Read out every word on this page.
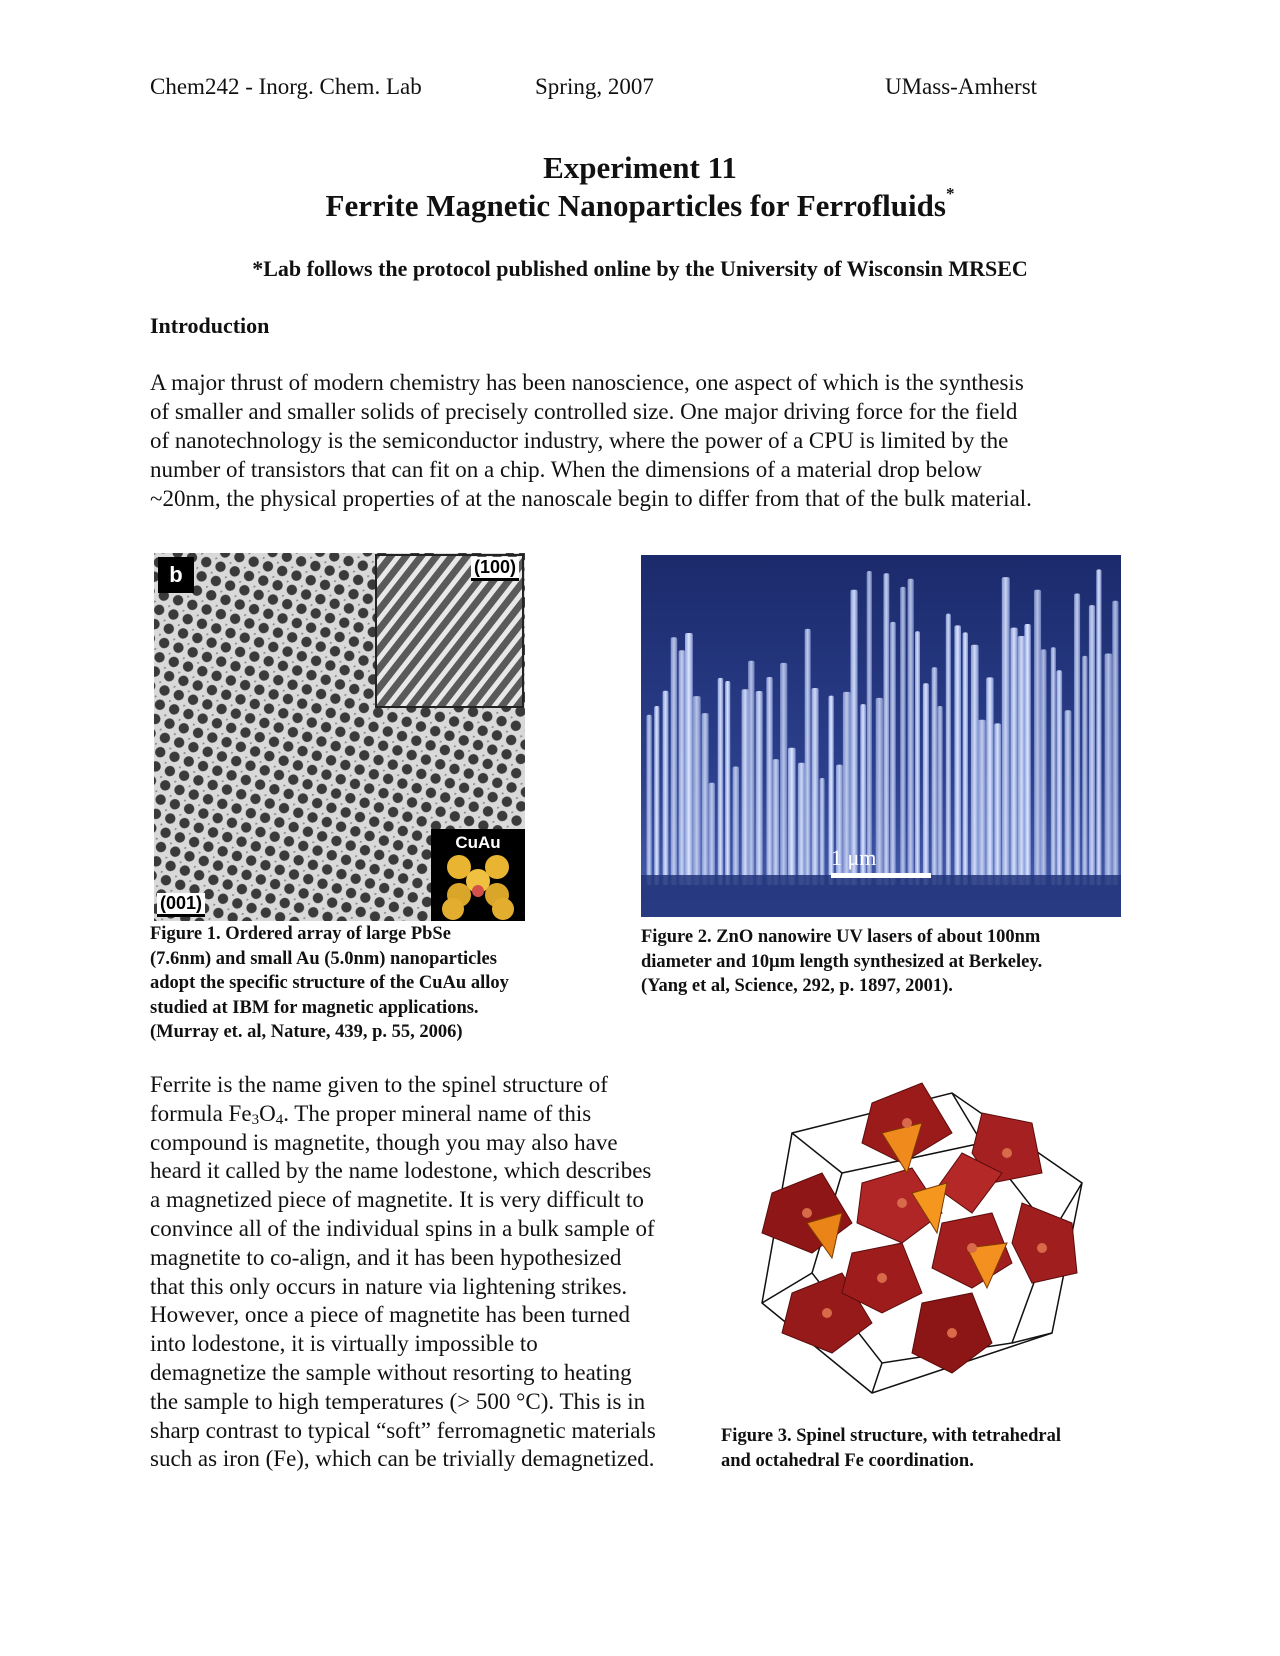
Chem242 - Inorg. Chem. Lab	Spring, 2007	UMass-Amherst
Experiment 11
Ferrite Magnetic Nanoparticles for Ferrofluids*
*Lab follows the protocol published online by the University of Wisconsin MRSEC
Introduction
A major thrust of modern chemistry has been nanoscience, one aspect of which is the synthesis
of smaller and smaller solids of precisely controlled size. One major driving force for the field
of nanotechnology is the semiconductor industry, where the power of a CPU is limited by the
number of transistors that can fit on a chip. When the dimensions of a material drop below
~20nm, the physical properties of at the nanoscale begin to differ from that of the bulk material.
b	(100)
(001)
CuAu
Figure 1. Ordered array of large PbSe
(7.6nm) and small Au (5.0nm) nanoparticles
adopt the specific structure of the CuAu alloy
studied at IBM for magnetic applications.
(Murray et. al, Nature, 439, p. 55, 2006)
1 μm
Figure 2. ZnO nanowire UV lasers of about 100nm
diameter and 10μm length synthesized at Berkeley.
(Yang et al, Science, 292, p. 1897, 2001).
Ferrite is the name given to the spinel structure of
formula $Fe_3O_4$. The proper mineral name of this
compound is magnetite, though you may also have
heard it called by the name lodestone, which describes
a magnetized piece of magnetite. It is very difficult to
convince all of the individual spins in a bulk sample of
magnetite to co-align, and it has been hypothesized
that this only occurs in nature via lightening strikes.
However, once a piece of magnetite has been turned
into lodestone, it is virtually impossible to
demagnetize the sample without resorting to heating
the sample to high temperatures (> 500 °C). This is in
sharp contrast to typical “soft” ferromagnetic materials
such as iron (Fe), which can be trivially demagnetized.
Figure 3. Spinel structure, with tetrahedral
and octahedral Fe coordination.
